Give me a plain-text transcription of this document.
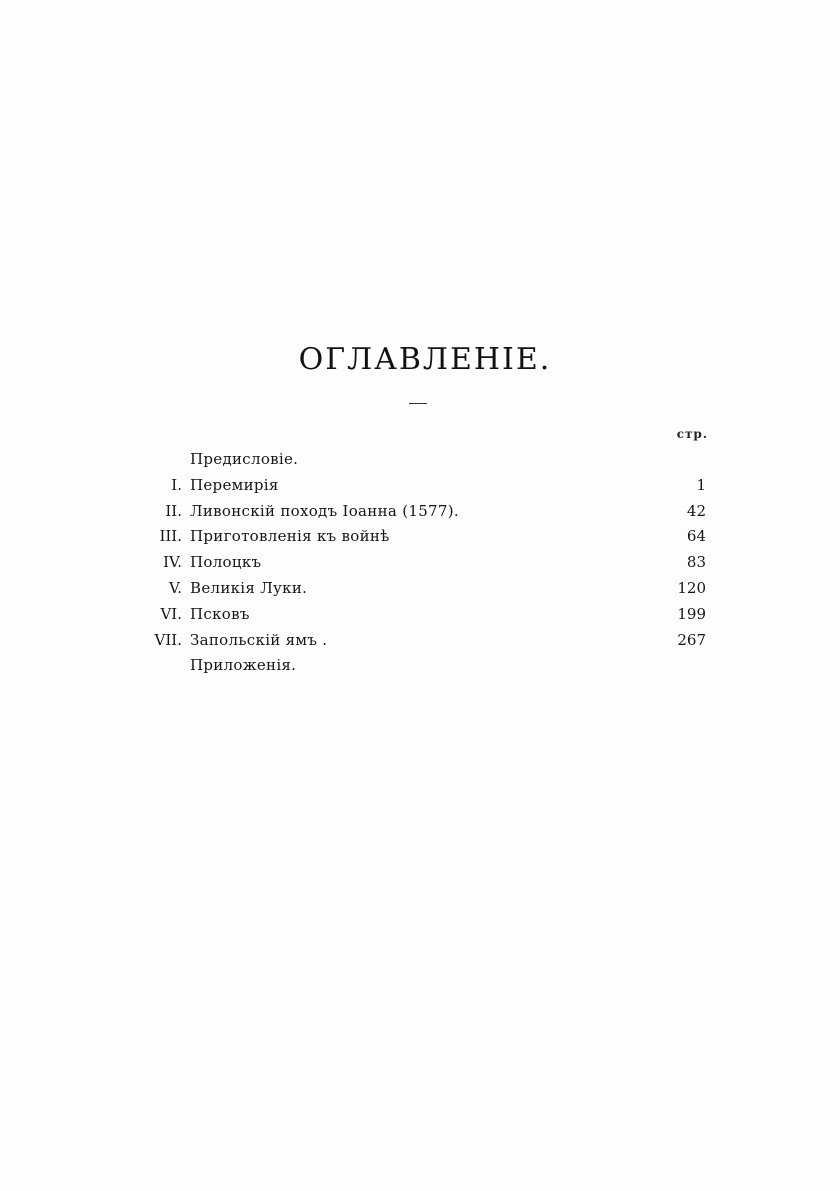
ОГЛАВЛЕНІЕ.
стр.
Предисловіе.
I. Перемирія	1
II. Ливонскій походъ Іоанна (1577).	42
III. Приготовленія къ войнѣ	64
IV. Полоцкъ	83
V. Великія Луки.	120
VI. Псковъ	199
VII. Запольскій ямъ .	267
Приложенія.
